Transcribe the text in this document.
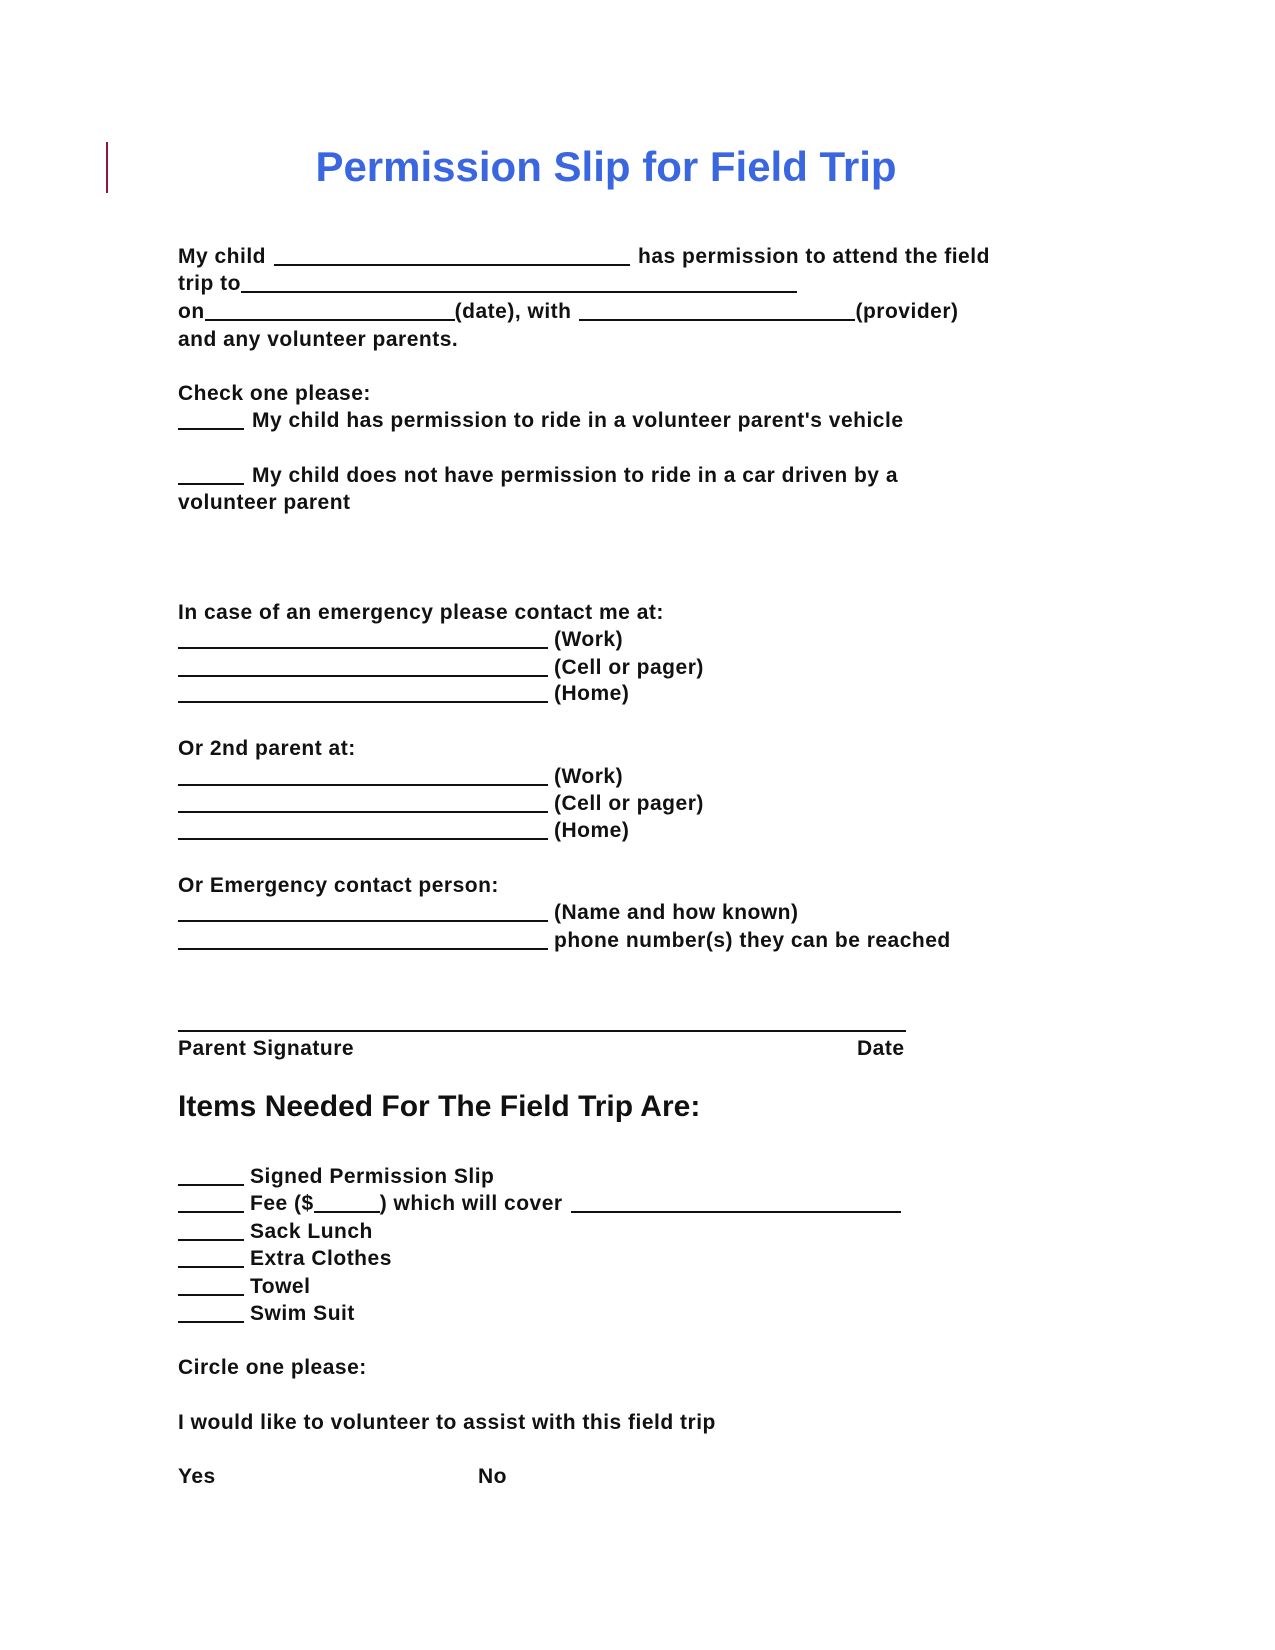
Permission Slip for Field Trip
My child	has permission to attend the field
trip to
on	(date), with	(provider)
and any volunteer parents.
Check one please:
My child has permission to ride in a volunteer parent's vehicle
My child does not have permission to ride in a car driven by a
volunteer parent
In case of an emergency please contact me at:
(Work)
(Cell or pager)
(Home)
Or 2nd parent at:
(Work)
(Cell or pager)
(Home)
Or Emergency contact person:
(Name and how known)
phone number(s) they can be reached
Parent Signature	Date
Items Needed For The Field Trip Are:
Signed Permission Slip
Fee ($	) which will cover
Sack Lunch
Extra Clothes
Towel
Swim Suit
Circle one please:
I would like to volunteer to assist with this field trip
Yes	No
